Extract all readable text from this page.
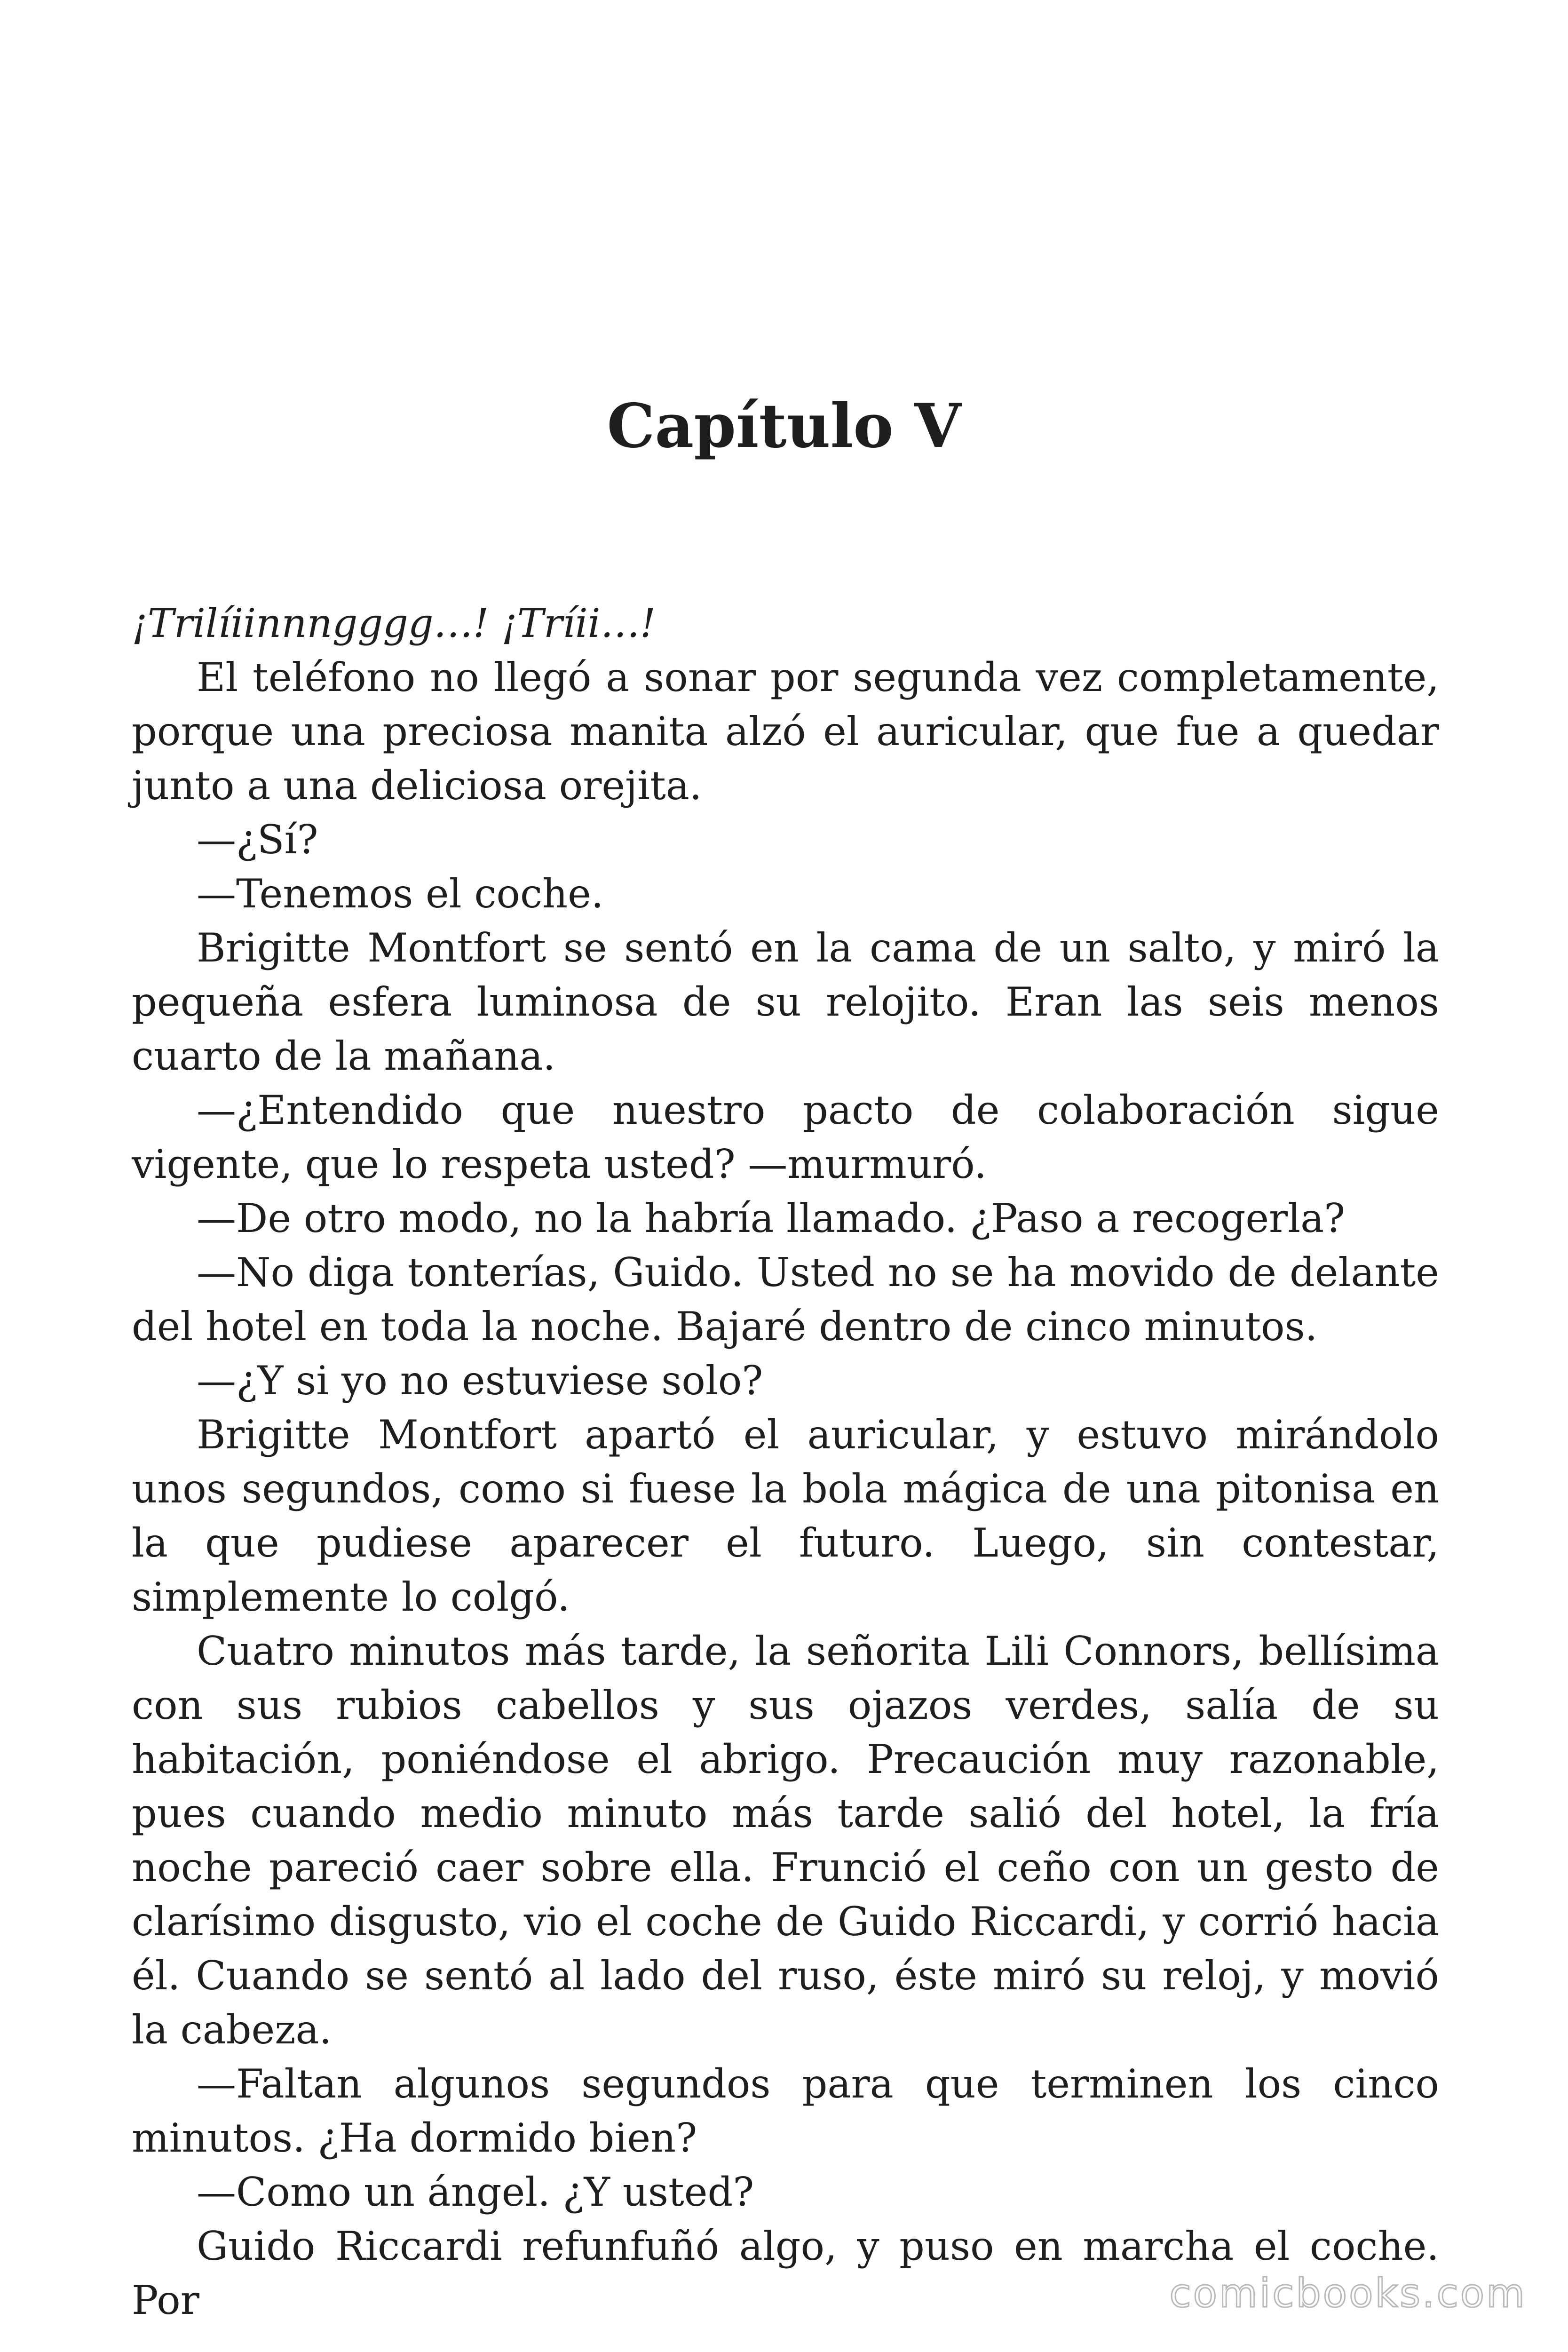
Capítulo V

¡Trilíiinnngggg…! ¡Tríii…!

El teléfono no llegó a sonar por segunda vez completamente, porque una preciosa manita alzó el auricular, que fue a quedar junto a una deliciosa orejita.

—¿Sí?

—Tenemos el coche.

Brigitte Montfort se sentó en la cama de un salto, y miró la pequeña esfera luminosa de su relojito. Eran las seis menos cuarto de la mañana.

—¿Entendido que nuestro pacto de colaboración sigue vigente, que lo respeta usted? —murmuró.

—De otro modo, no la habría llamado. ¿Paso a recogerla?

—No diga tonterías, Guido. Usted no se ha movido de delante del hotel en toda la noche. Bajaré dentro de cinco minutos.

—¿Y si yo no estuviese solo?

Brigitte Montfort apartó el auricular, y estuvo mirándolo unos segundos, como si fuese la bola mágica de una pitonisa en la que pudiese aparecer el futuro. Luego, sin contestar, simplemente lo colgó.

Cuatro minutos más tarde, la señorita Lili Connors, bellísima con sus rubios cabellos y sus ojazos verdes, salía de su habitación, poniéndose el abrigo. Precaución muy razonable, pues cuando medio minuto más tarde salió del hotel, la fría noche pareció caer sobre ella. Frunció el ceño con un gesto de clarísimo disgusto, vio el coche de Guido Riccardi, y corrió hacia él. Cuando se sentó al lado del ruso, éste miró su reloj, y movió la cabeza.

—Faltan algunos segundos para que terminen los cinco minutos. ¿Ha dormido bien?

—Como un ángel. ¿Y usted?

Guido Riccardi refunfuñó algo, y puso en marcha el coche. Por	comicbooks.com
